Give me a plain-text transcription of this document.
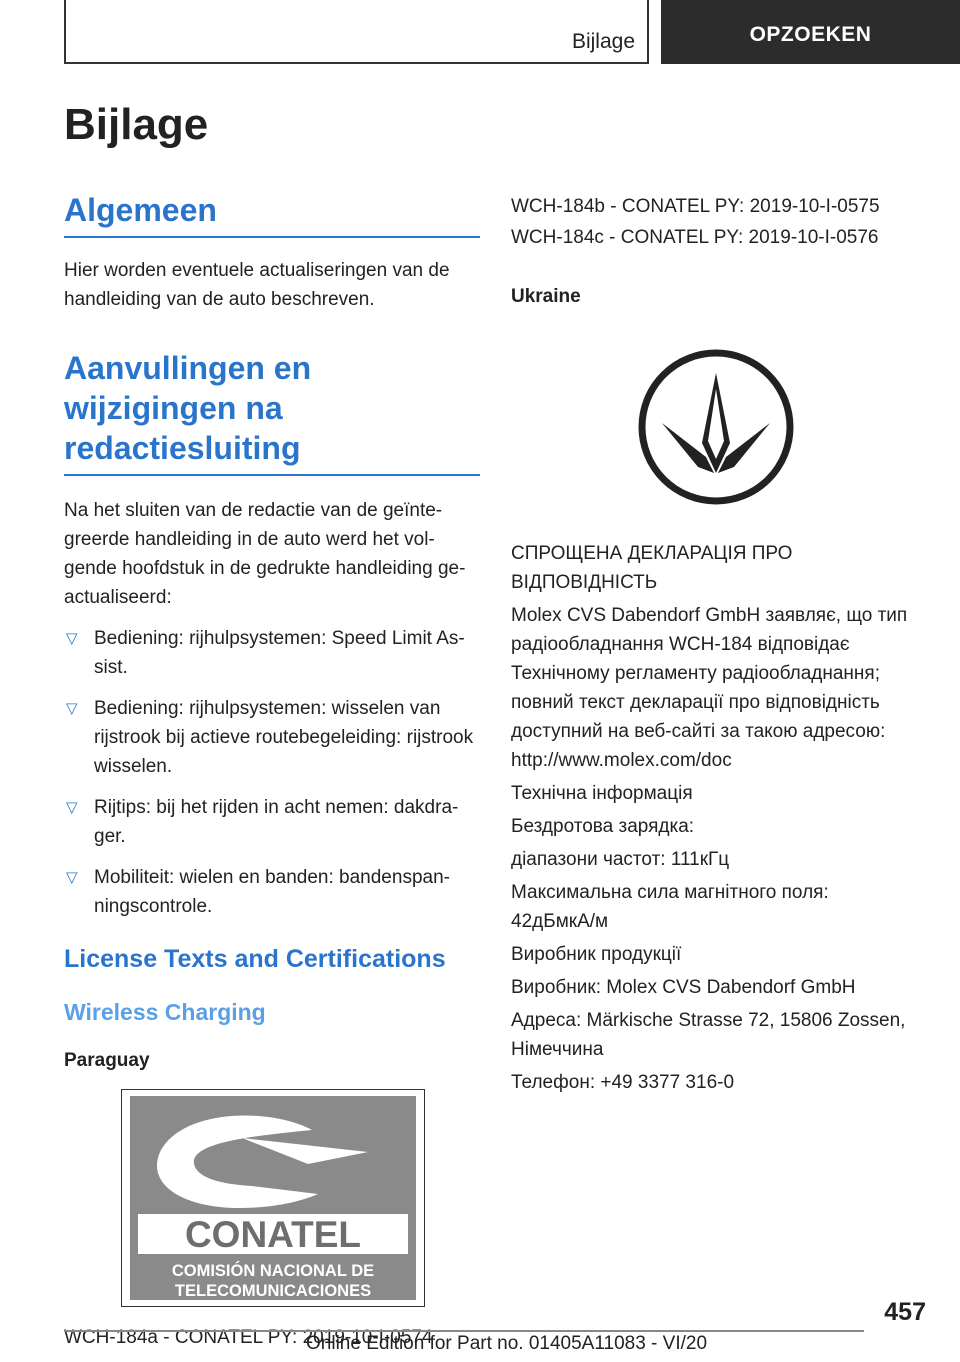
Bijlage	OPZOEKEN
Bijlage
Algemeen

Hier worden eventuele actualiseringen van de

handleiding van de auto beschreven.

Aanvullingen en
wijzigingen na
redactiesluiting

Na het sluiten van de redactie van de geïnte-

greerde handleiding in de auto werd het vol-

gende hoofdstuk in de gedrukte handleiding ge-

actualiseerd:

▽ Bediening: rijhulpsystemen: Speed Limit As-
sist.
▽ Bediening: rijhulpsystemen: wisselen van
rijstrook bij actieve routebegeleiding: rijstrook
wisselen.
▽ Rijtips: bij het rijden in acht nemen: dakdra-
ger.
▽ Mobiliteit: wielen en banden: bandenspan-
ningscontrole.
License Texts and Certifications
Wireless Charging
Paraguay
CONATEL
COMISIÓN NACIONAL DE
TELECOMUNICACIONES

WCH-184a - CONATEL PY: 2019-10-I-0574

WCH-184b - CONATEL PY: 2019-10-I-0575

WCH-184c - CONATEL PY: 2019-10-I-0576

Ukraine

СПРОЩЕНА ДЕКЛАРАЦІЯ ПРО

ВІДПОВІДНІСТЬ

Molex CVS Dabendorf GmbH заявляє, що тип

радіообладнання WCH-184 відповідає

Технічному регламенту радіообладнання;

повний текст декларації про відповідність

доступний на веб-сайті за такою адресою:

http://www.molex.com/doc

Технічна інформація

Бездротова зарядка:

діапазони частот: 111кГц

Максимальна сила магнітного поля:

42дБмкА/м

Виробник продукції

Виробник: Molex CVS Dabendorf GmbH

Адреса: Märkische Strasse 72, 15806 Zossen,

Німеччина

Телефон: +49 3377 316-0

457
Online Edition for Part no. 01405A11083 - VI/20
